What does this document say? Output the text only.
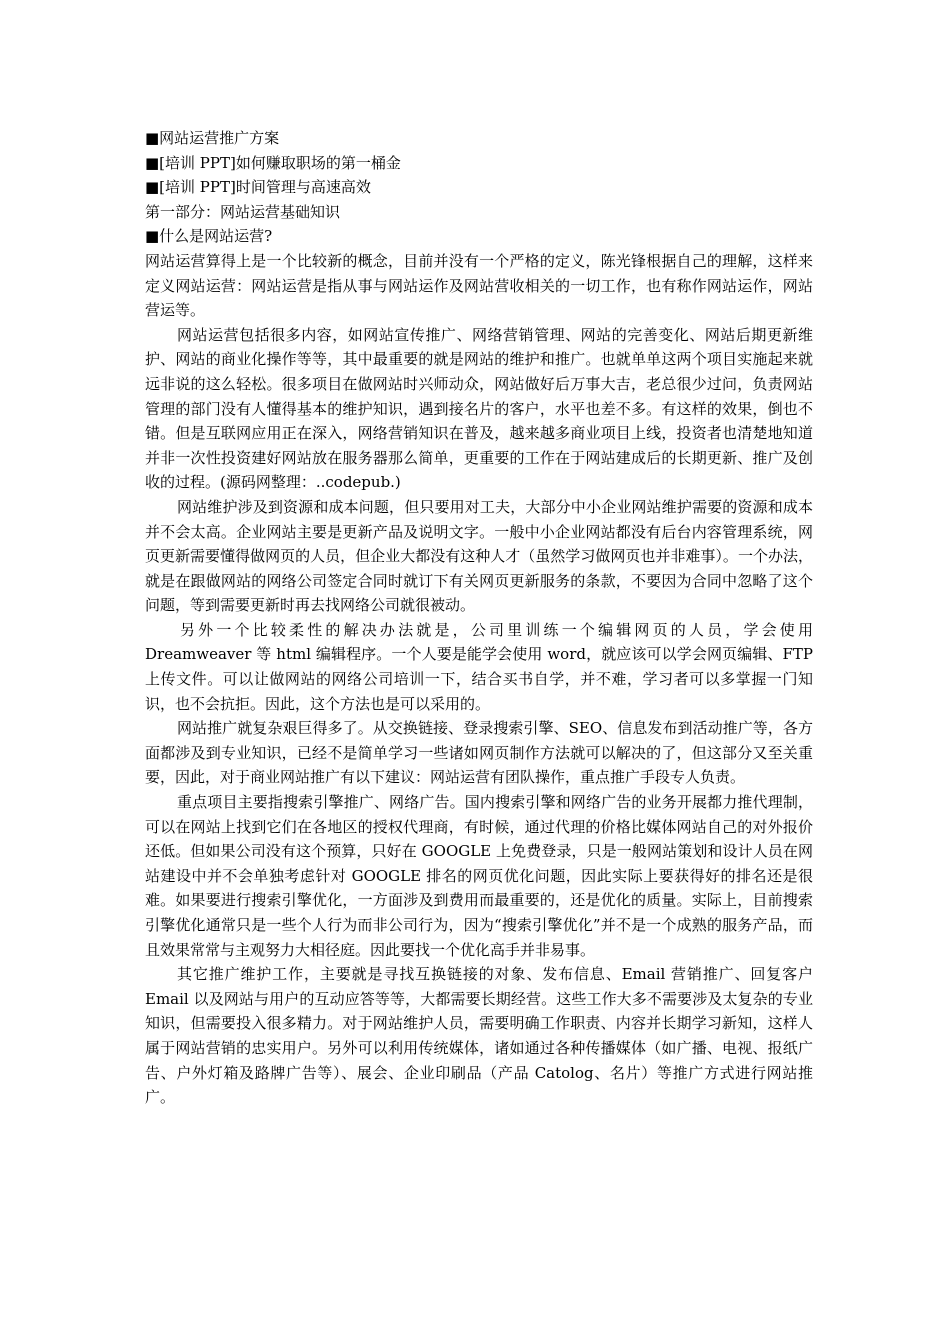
■网站运营推广方案

■[培训 PPT]如何赚取职场的第一桶金

■[培训 PPT]时间管理与高速高效

第一部分：网站运营基础知识

■什么是网站运营?

网站运营算得上是一个比较新的概念，目前并没有一个严格的定义，陈光锋根据自己的理解，这样来定义网站运营：网站运营是指从事与网站运作及网站营收相关的一切工作，也有称作网站运作，网站营运等。

网站运营包括很多内容，如网站宣传推广、网络营销管理、网站的完善变化、网站后期更新维护、网站的商业化操作等等，其中最重要的就是网站的维护和推广。也就单单这两个项目实施起来就远非说的这么轻松。很多项目在做网站时兴师动众，网站做好后万事大吉，老总很少过问，负责网站管理的部门没有人懂得基本的维护知识，遇到接名片的客户，水平也差不多。有这样的效果，倒也不错。但是互联网应用正在深入，网络营销知识在普及，越来越多商业项目上线，投资者也清楚地知道并非一次性投资建好网站放在服务器那么简单，更重要的工作在于网站建成后的长期更新、推广及创收的过程。(源码网整理：..codepub.)

网站维护涉及到资源和成本问题，但只要用对工夫，大部分中小企业网站维护需要的资源和成本并不会太高。企业网站主要是更新产品及说明文字。一般中小企业网站都没有后台内容管理系统，网页更新需要懂得做网页的人员，但企业大都没有这种人才（虽然学习做网页也并非难事）。一个办法，就是在跟做网站的网络公司签定合同时就订下有关网页更新服务的条款，不要因为合同中忽略了这个问题，等到需要更新时再去找网络公司就很被动。

另外一个比较柔性的解决办法就是，公司里训练一个编辑网页的人员，学会使用 Dreamweaver 等 html 编辑程序。一个人要是能学会使用 word，就应该可以学会网页编辑、FTP 上传文件。可以让做网站的网络公司培训一下，结合买书自学，并不难，学习者可以多掌握一门知识，也不会抗拒。因此，这个方法也是可以采用的。

网站推广就复杂艰巨得多了。从交换链接、登录搜索引擎、SEO、信息发布到活动推广等，各方面都涉及到专业知识，已经不是简单学习一些诸如网页制作方法就可以解决的了，但这部分又至关重要，因此，对于商业网站推广有以下建议：网站运营有团队操作，重点推广手段专人负责。

重点项目主要指搜索引擎推广、网络广告。国内搜索引擎和网络广告的业务开展都力推代理制，可以在网站上找到它们在各地区的授权代理商，有时候，通过代理的价格比媒体网站自己的对外报价还低。但如果公司没有这个预算，只好在 GOOGLE 上免费登录，只是一般网站策划和设计人员在网站建设中并不会单独考虑针对 GOOGLE 排名的网页优化问题，因此实际上要获得好的排名还是很难。如果要进行搜索引擎优化，一方面涉及到费用而最重要的，还是优化的质量。实际上，目前搜索引擎优化通常只是一些个人行为而非公司行为，因为“搜索引擎优化”并不是一个成熟的服务产品，而且效果常常与主观努力大相径庭。因此要找一个优化高手并非易事。

其它推广维护工作，主要就是寻找互换链接的对象、发布信息、Email 营销推广、回复客户 Email 以及网站与用户的互动应答等等，大都需要长期经营。这些工作大多不需要涉及太复杂的专业知识，但需要投入很多精力。对于网站维护人员，需要明确工作职责、内容并长期学习新知，这样人属于网站营销的忠实用户。另外可以利用传统媒体，诸如通过各种传播媒体（如广播、电视、报纸广告、户外灯箱及路牌广告等）、展会、企业印刷品（产品 Catolog、名片）等推广方式进行网站推广。
